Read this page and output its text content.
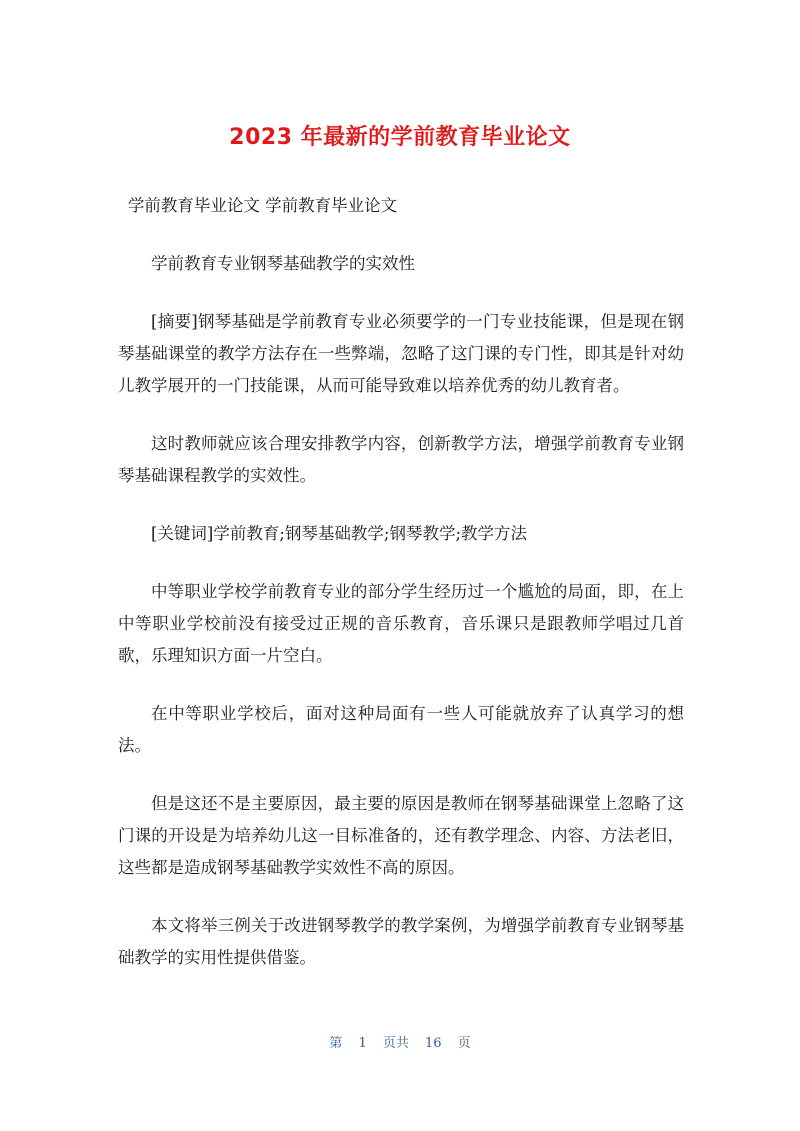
2023 年最新的学前教育毕业论文

学前教育毕业论文 学前教育毕业论文

学前教育专业钢琴基础教学的实效性

[摘要]钢琴基础是学前教育专业必须要学的一门专业技能课，但是现在钢琴基础课堂的教学方法存在一些弊端，忽略了这门课的专门性，即其是针对幼儿教学展开的一门技能课，从而可能导致难以培养优秀的幼儿教育者。

这时教师就应该合理安排教学内容，创新教学方法，增强学前教育专业钢琴基础课程教学的实效性。

[关键词]学前教育;钢琴基础教学;钢琴教学;教学方法

中等职业学校学前教育专业的部分学生经历过一个尴尬的局面，即，在上中等职业学校前没有接受过正规的音乐教育，音乐课只是跟教师学唱过几首歌，乐理知识方面一片空白。

在中等职业学校后，面对这种局面有一些人可能就放弃了认真学习的想法。

但是这还不是主要原因，最主要的原因是教师在钢琴基础课堂上忽略了这门课的开设是为培养幼儿这一目标准备的，还有教学理念、内容、方法老旧，这些都是造成钢琴基础教学实效性不高的原因。

本文将举三例关于改进钢琴教学的教学案例，为增强学前教育专业钢琴基础教学的实用性提供借鉴。

第 1 页共 16 页
